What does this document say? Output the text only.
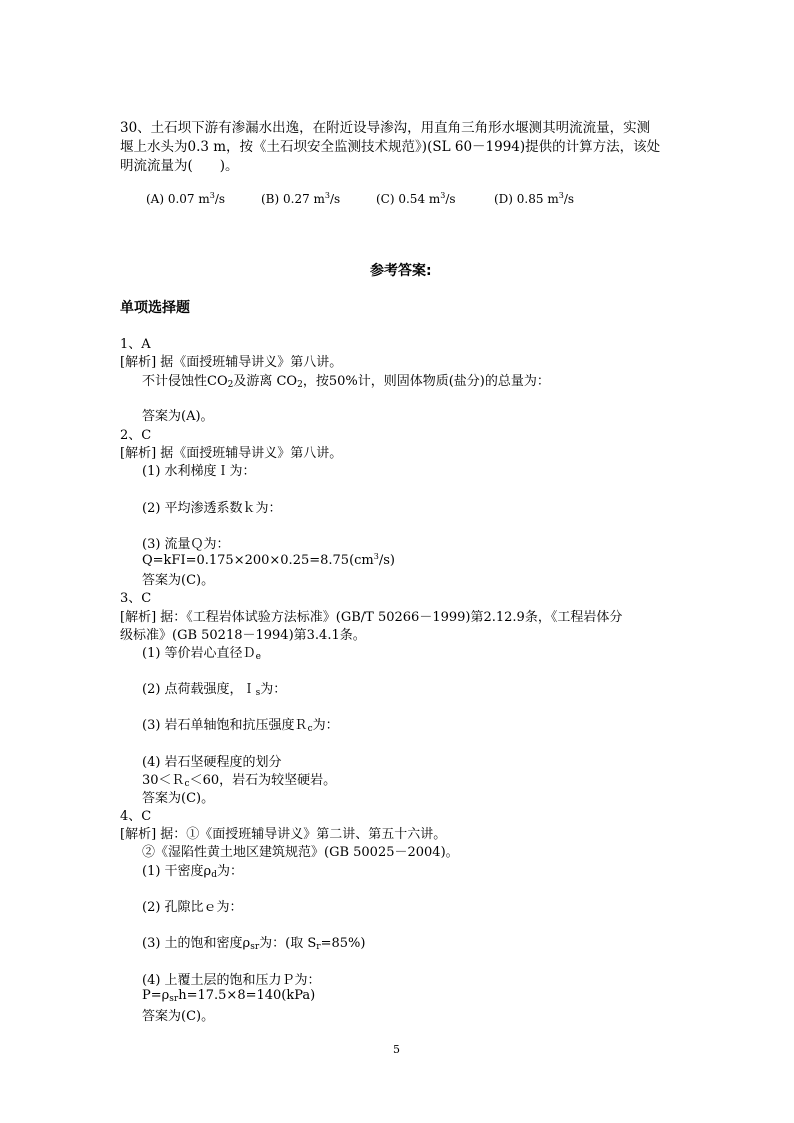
30、土石坝下游有渗漏水出逸，在附近设导渗沟，用直角三角形水堰测其明流流量，实测
堰上水头为0.3 m，按《土石坝安全监测技术规范》)(SL 60－1994)提供的计算方法，该处
明流流量为(　　)。
(A) 0.07 $m^3/s$	(B) 0.27 $m^3/s$	(C) 0.54 $m^3/s$	(D) 0.85 $m^3/s$
参考答案:
单项选择题
1、A
[解析] 据《面授班辅导讲义》第八讲。
不计侵蚀性$CO_2$及游离 $CO_2$，按50%计，则固体物质(盐分)的总量为：
答案为(A)。
2、C
[解析] 据《面授班辅导讲义》第八讲。
(1) 水利梯度Ｉ为：
(2) 平均渗透系数ｋ为：
(3) 流量Ｑ为：
$Q=kFI=0.175\times 200\times 0.25=8.75(cm^3/s)$
答案为(C)。
3、C
[解析] 据：《工程岩体试验方法标准》(GB/T 50266－1999)第2.12.9条，《工程岩体分
级标准》(GB 50218－1994)第3.4.1条。
(1) 等价岩心直径Ｄ$_e$
(2) 点荷载强度，Ｉ$_s$为：
(3) 岩石单轴饱和抗压强度Ｒ$_c$为：
(4) 岩石坚硬程度的划分
30＜Ｒ$_c$＜60，岩石为较坚硬岩。
答案为(C)。
4、C
[解析] 据：①《面授班辅导讲义》第二讲、第五十六讲。
②《湿陷性黄土地区建筑规范》(GB 50025－2004)。
(1) 干密度$\rho_d$为：
(2) 孔隙比ｅ为：
(3) 土的饱和密度$\rho_{sr}$为：(取 $S_r=85\%$)
(4) 上覆土层的饱和压力Ｐ为：
$P=\rho_{sr}h=17.5\times 8=140(kPa)$
答案为(C)。
5
